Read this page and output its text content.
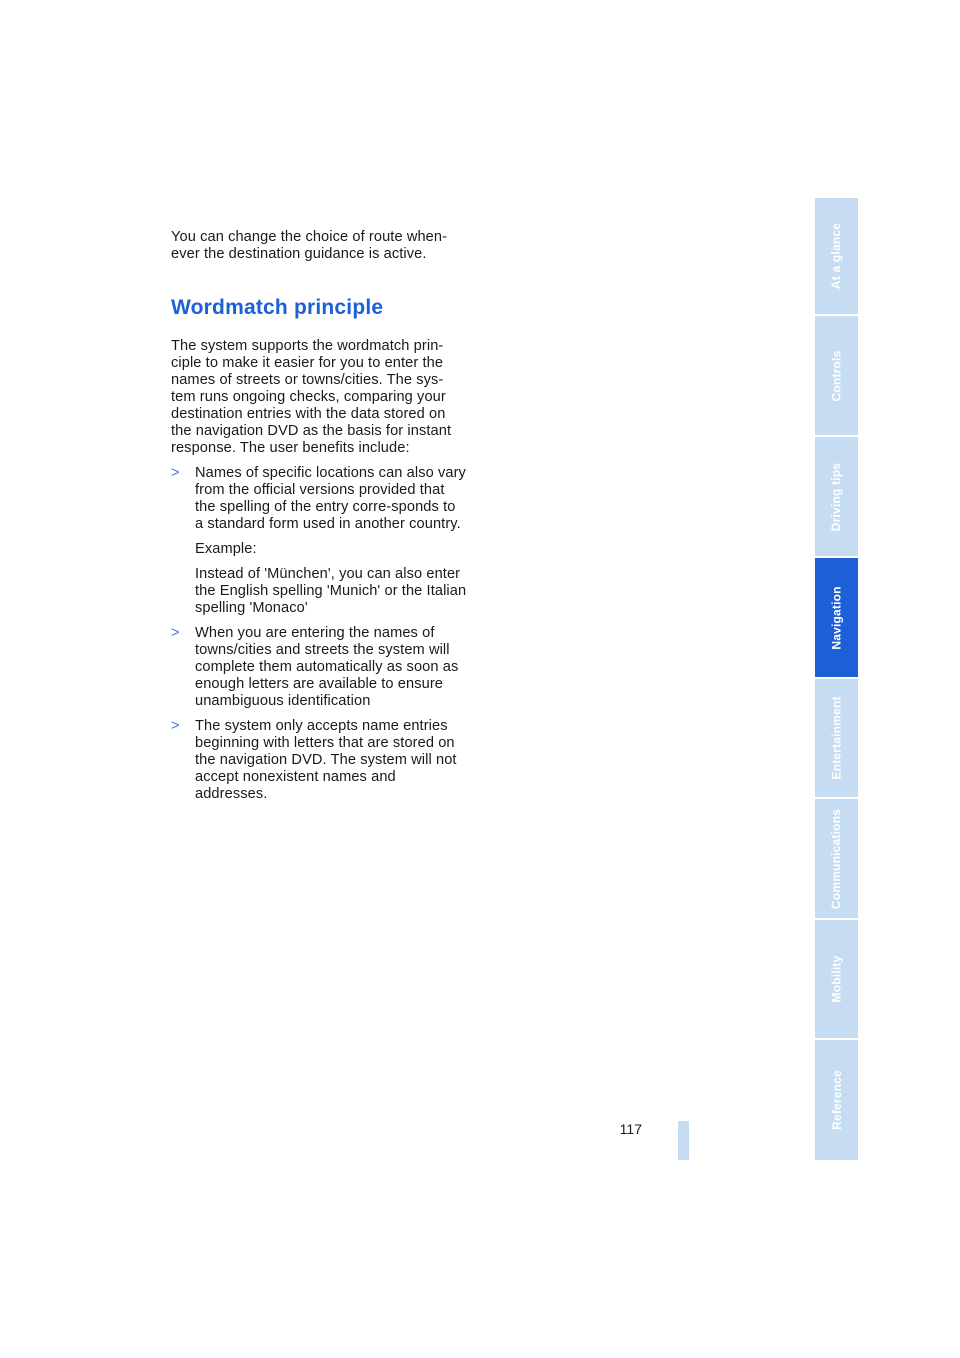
You can change the choice of route when-ever the destination guidance is active.

Wordmatch principle

The system supports the wordmatch prin-ciple to make it easier for you to enter the names of streets or towns/cities. The sys-tem runs ongoing checks, comparing your destination entries with the data stored on the navigation DVD as the basis for instant response. The user benefits include:

> Names of specific locations can also vary from the official versions provided that the spelling of the entry corre-sponds to a standard form used in another country.

Example:

Instead of 'München', you can also enter the English spelling 'Munich' or the Italian spelling 'Monaco'

> When you are entering the names of towns/cities and streets the system will complete them automatically as soon as enough letters are available to ensure unambiguous identification

> The system only accepts name entries beginning with letters that are stored on the navigation DVD. The system will not accept nonexistent names and addresses.

117
At a glance
Controls
Driving tips
Navigation
Entertainment
Communications
Mobility
Reference
